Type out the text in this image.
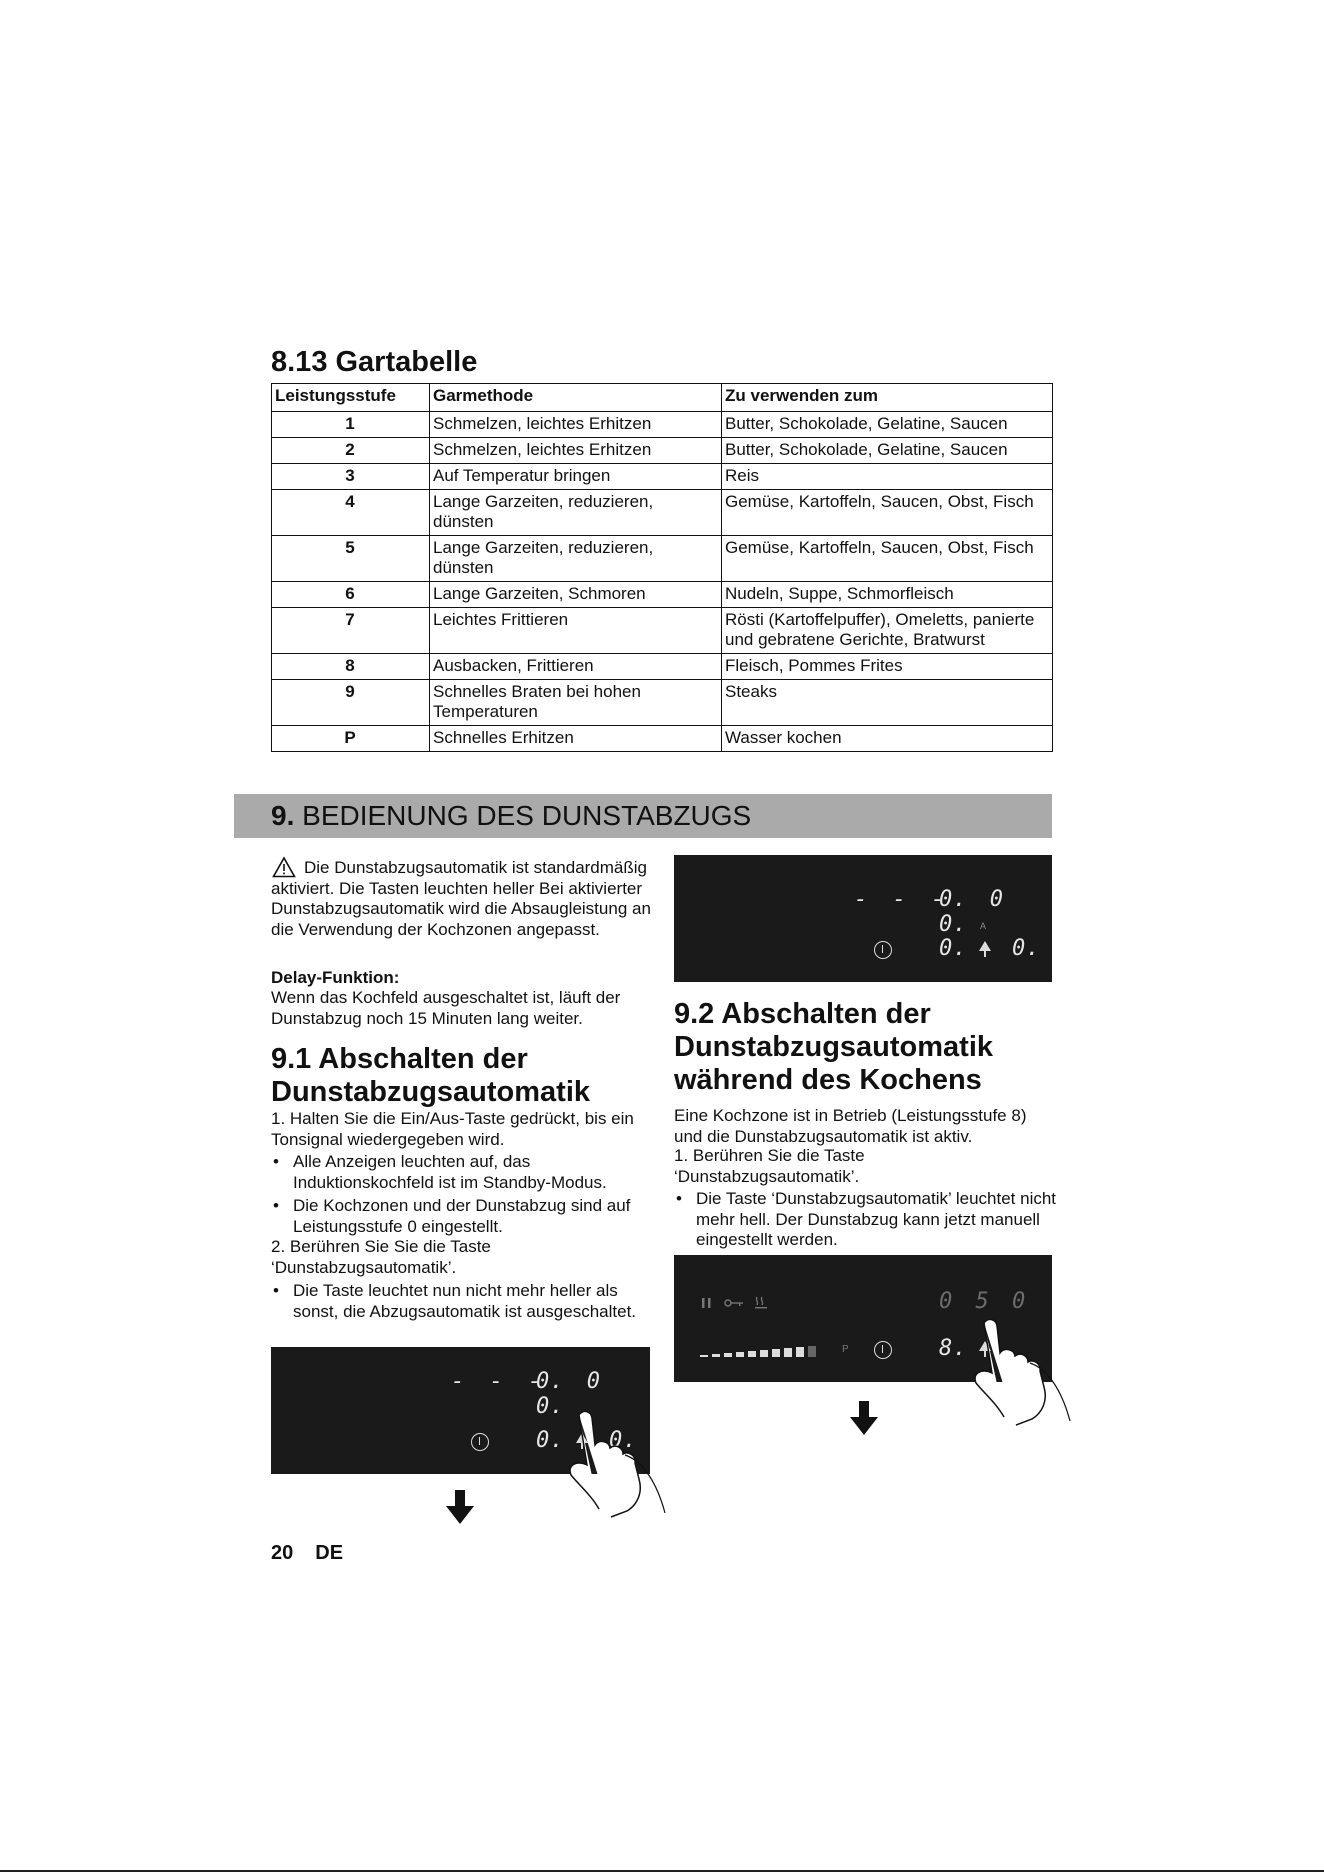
8.13 Gartabelle
Leistungsstufe	Garmethode	Zu verwenden zum
1	Schmelzen, leichtes Erhitzen	Butter, Schokolade, Gelatine, Saucen
2	Schmelzen, leichtes Erhitzen	Butter, Schokolade, Gelatine, Saucen
3	Auf Temperatur bringen	Reis
4	Lange Garzeiten, reduzieren, dünsten	Gemüse, Kartoffeln, Saucen, Obst, Fisch
5	Lange Garzeiten, reduzieren, dünsten	Gemüse, Kartoffeln, Saucen, Obst, Fisch
6	Lange Garzeiten, Schmoren	Nudeln, Suppe, Schmorfleisch
7	Leichtes Frittieren	Rösti (Kartoffelpuffer), Omeletts, panierte und gebratene Gerichte, Bratwurst
8	Ausbacken, Frittieren	Fleisch, Pommes Frites
9	Schnelles Braten bei hohen Temperaturen	Steaks
P	Schnelles Erhitzen	Wasser kochen
9. BEDIENUNG DES DUNSTABZUGS

Die Dunstabzugsautomatik ist standardmäßig aktiviert. Die Tasten leuchten heller Bei aktivierter Dunstabzugsautomatik wird die Absaugleistung an die Verwendung der Kochzonen angepasst.

Delay-Funktion:

Wenn das Kochfeld ausgeschaltet ist, läuft der Dunstabzug noch 15 Minuten lang weiter.

9.1 Abschalten der
Dunstabzugsautomatik

1. Halten Sie die Ein/Aus-Taste gedrückt, bis ein Tonsignal wiedergegeben wird.

• Alle Anzeigen leuchten auf, das Induktionskochfeld ist im Standby-Modus.
• Die Kochzonen und der Dunstabzug sind auf Leistungsstufe 0 eingestellt.

2. Berühren Sie Sie die Taste ‘Dunstabzugsautomatik’.

• Die Taste leuchtet nun nicht mehr heller als sonst, die Abzugsautomatik ist ausgeschaltet.
- - -
0. 0 0.
0. 0.
- - -
0. 0 0.	A
0. 0.
9.2 Abschalten der
Dunstabzugsautomatik
während des Kochens

Eine Kochzone ist in Betrieb (Leistungsstufe 8) und die Dunstabzugsautomatik ist aktiv.

1. Berühren Sie die Taste ‘Dunstabzugsautomatik’.

• Die Taste ‘Dunstabzugsautomatik’ leuchtet nicht mehr hell. Der Dunstabzug kann jetzt manuell eingestellt werden.
0 5 0
P	8.
20 DE
